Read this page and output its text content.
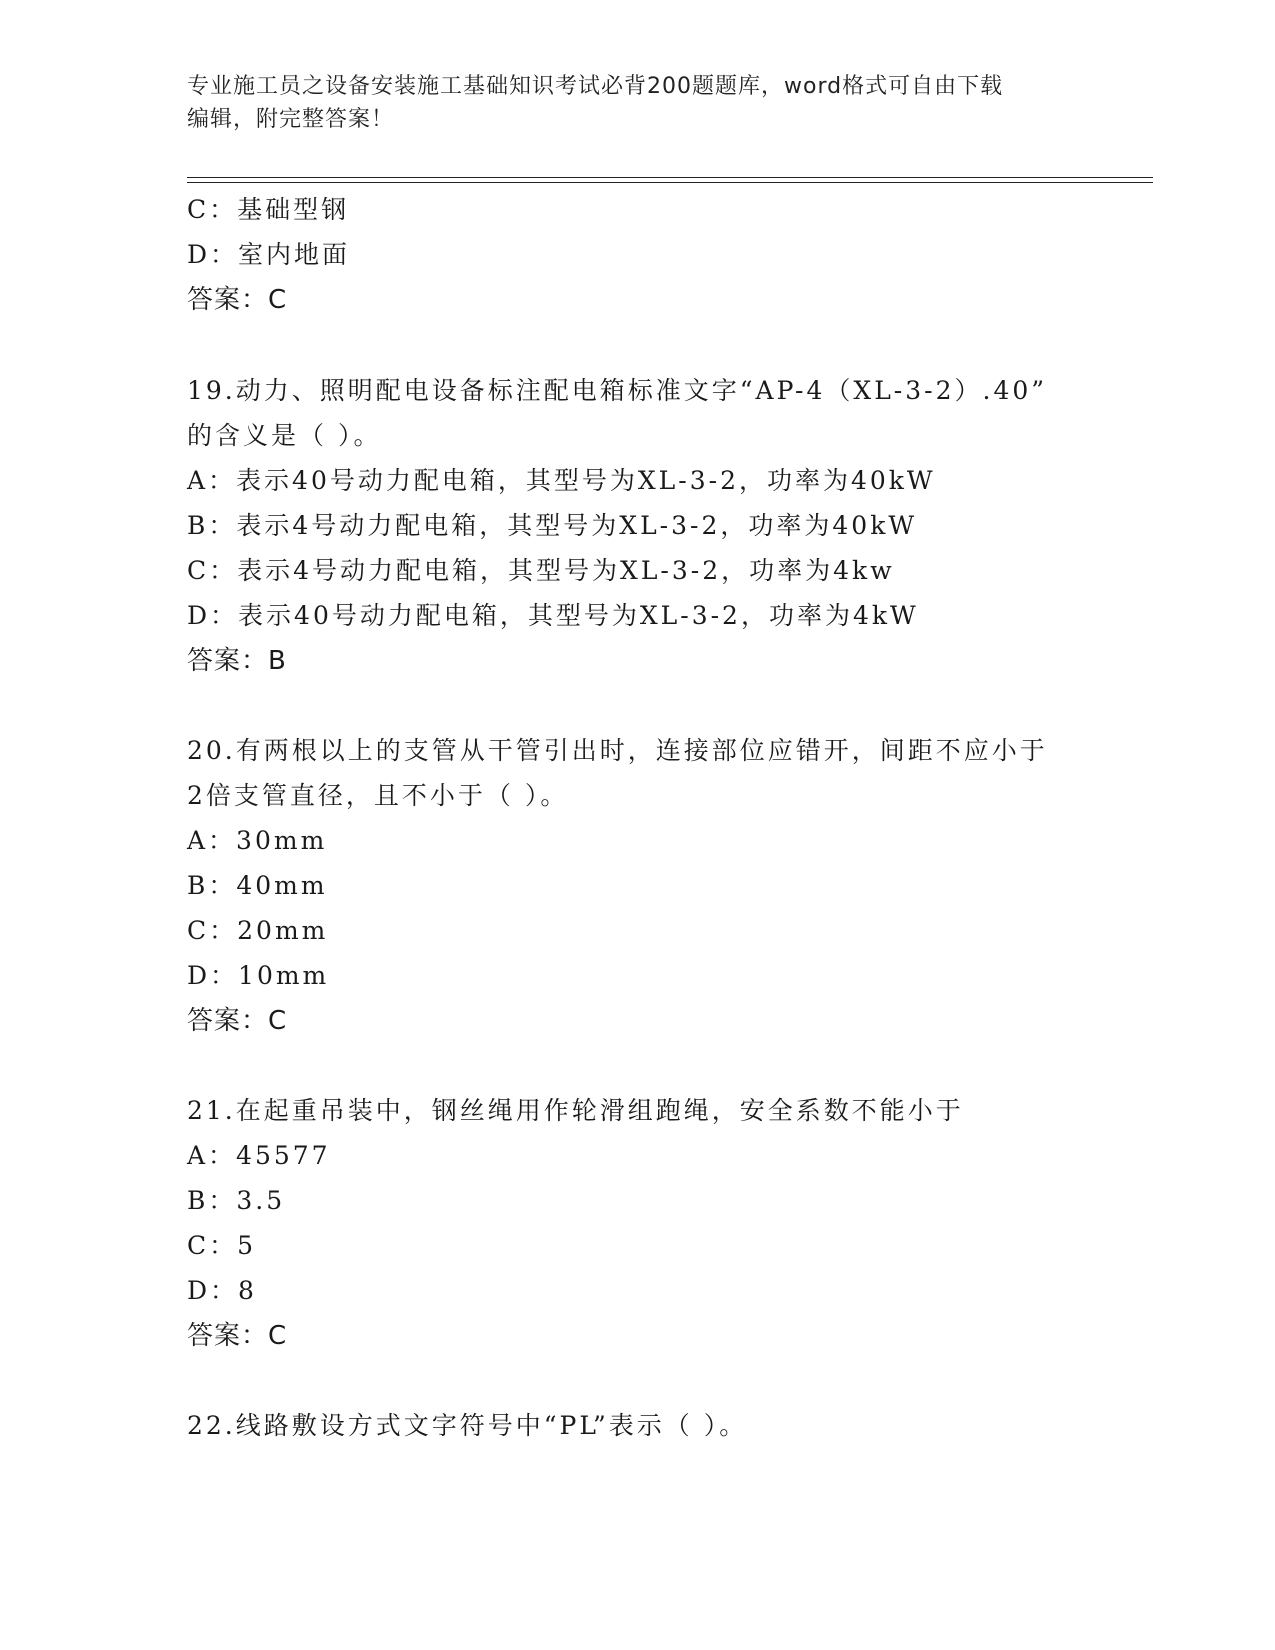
专业施工员之设备安装施工基础知识考试必背200题题库，word格式可自由下载
编辑，附完整答案！
C：基础型钢
D：室内地面
答案：C
19.动力、照明配电设备标注配电箱标准文字“AP-4（XL-3-2）.40”
的含义是（ ）。
A：表示40号动力配电箱，其型号为XL-3-2，功率为40kW
B：表示4号动力配电箱，其型号为XL-3-2，功率为40kW
C：表示4号动力配电箱，其型号为XL-3-2，功率为4kw
D：表示40号动力配电箱，其型号为XL-3-2，功率为4kW
答案：B
20.有两根以上的支管从干管引出时，连接部位应错开，间距不应小于
2倍支管直径，且不小于（ ）。
A：30mm
B：40mm
C：20mm
D：10mm
答案：C
21.在起重吊装中，钢丝绳用作轮滑组跑绳，安全系数不能小于
A：45577
B：3.5
C：5
D：8
答案：C
22.线路敷设方式文字符号中“PL”表示（ ）。
